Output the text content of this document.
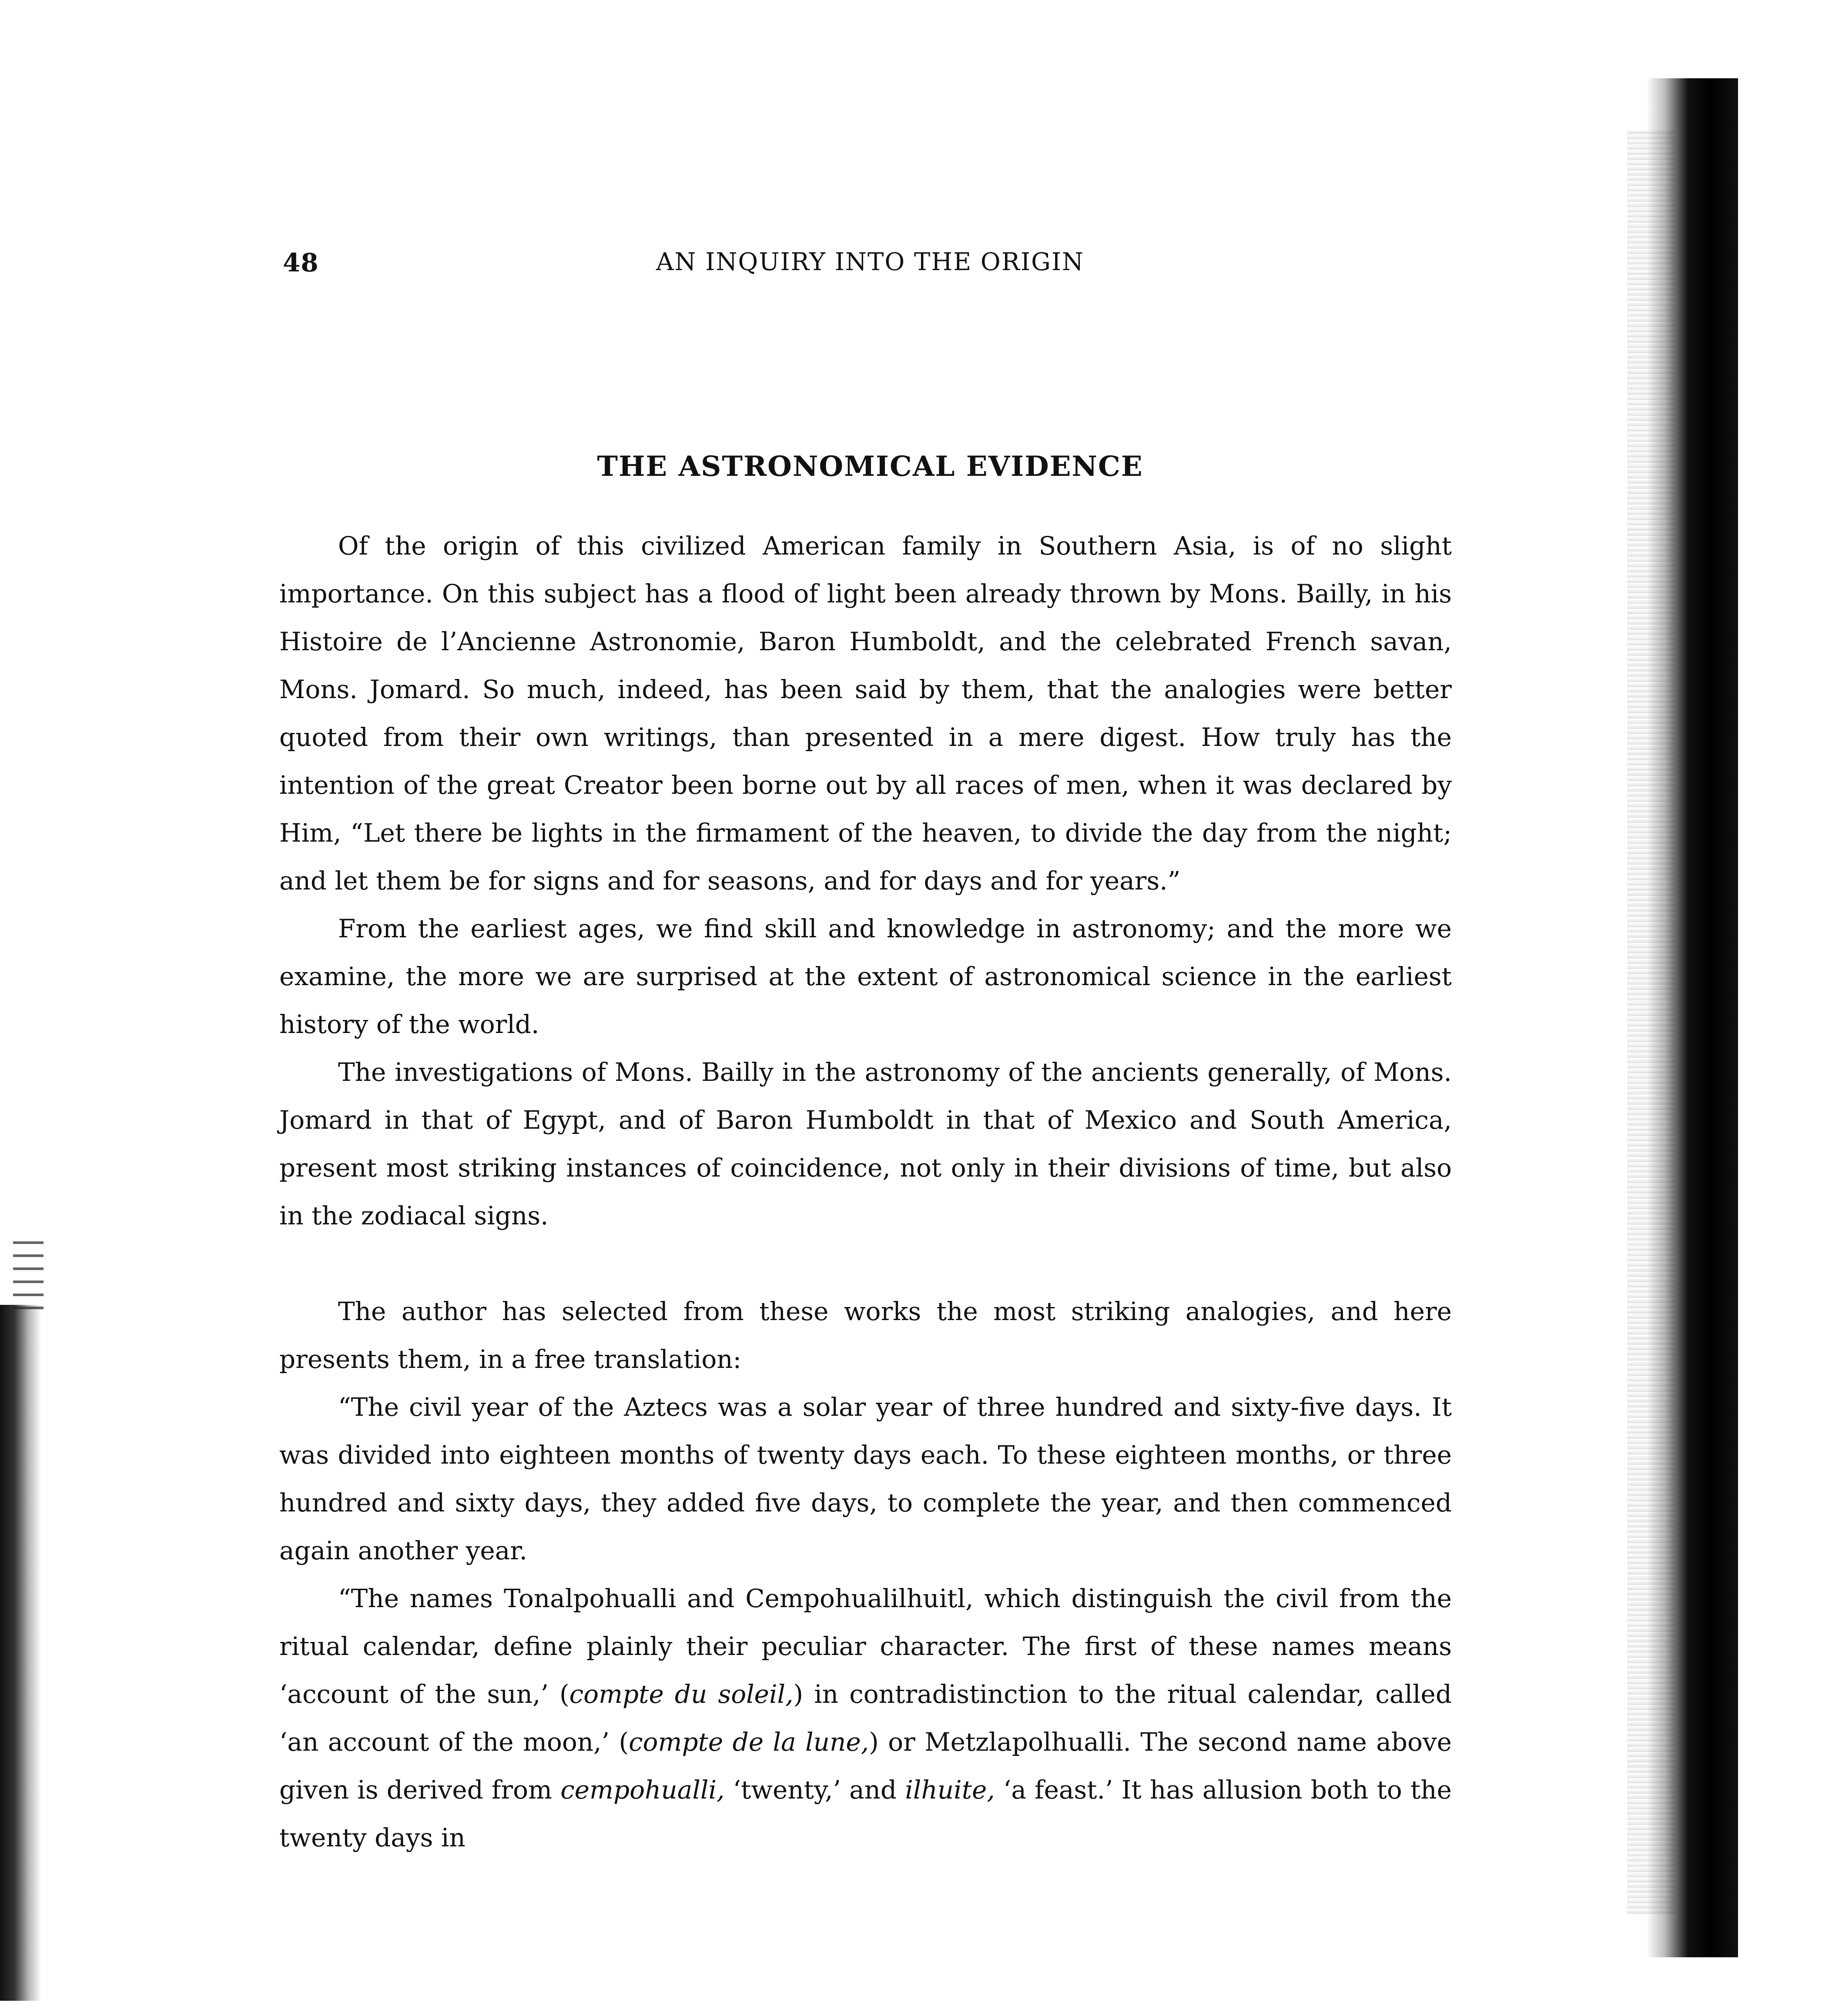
48	AN INQUIRY INTO THE ORIGIN
THE ASTRONOMICAL EVIDENCE

Of the origin of this civilized American family in Southern Asia, is of no slight importance. On this subject has a flood of light been already thrown by Mons. Bailly, in his Histoire de l’Ancienne Astronomie, Baron Humboldt, and the celebrated French savan, Mons. Jomard. So much, indeed, has been said by them, that the analogies were better quoted from their own writings, than presented in a mere digest. How truly has the intention of the great Creator been borne out by all races of men, when it was declared by Him, “Let there be lights in the firmament of the heaven, to divide the day from the night; and let them be for signs and for seasons, and for days and for years.”

From the earliest ages, we find skill and knowledge in astronomy; and the more we examine, the more we are surprised at the extent of astronomical science in the earliest history of the world.

The investigations of Mons. Bailly in the astronomy of the ancients generally, of Mons. Jomard in that of Egypt, and of Baron Humboldt in that of Mexico and South America, present most striking instances of coincidence, not only in their divisions of time, but also in the zodiacal signs.

The author has selected from these works the most striking analogies, and here presents them, in a free translation:

“The civil year of the Aztecs was a solar year of three hundred and sixty-five days. It was divided into eighteen months of twenty days each. To these eighteen months, or three hundred and sixty days, they added five days, to complete the year, and then commenced again another year.

“The names Tonalpohualli and Cempohualilhuitl, which distinguish the civil from the ritual calendar, define plainly their peculiar character. The first of these names means ‘account of the sun,’ (compte du soleil,) in contradistinction to the ritual calendar, called ‘an account of the moon,’ (compte de la lune,) or Metzlapolhualli. The second name above given is derived from cempohualli, ‘twenty,’ and ilhuite, ‘a feast.’ It has allusion both to the twenty days in
